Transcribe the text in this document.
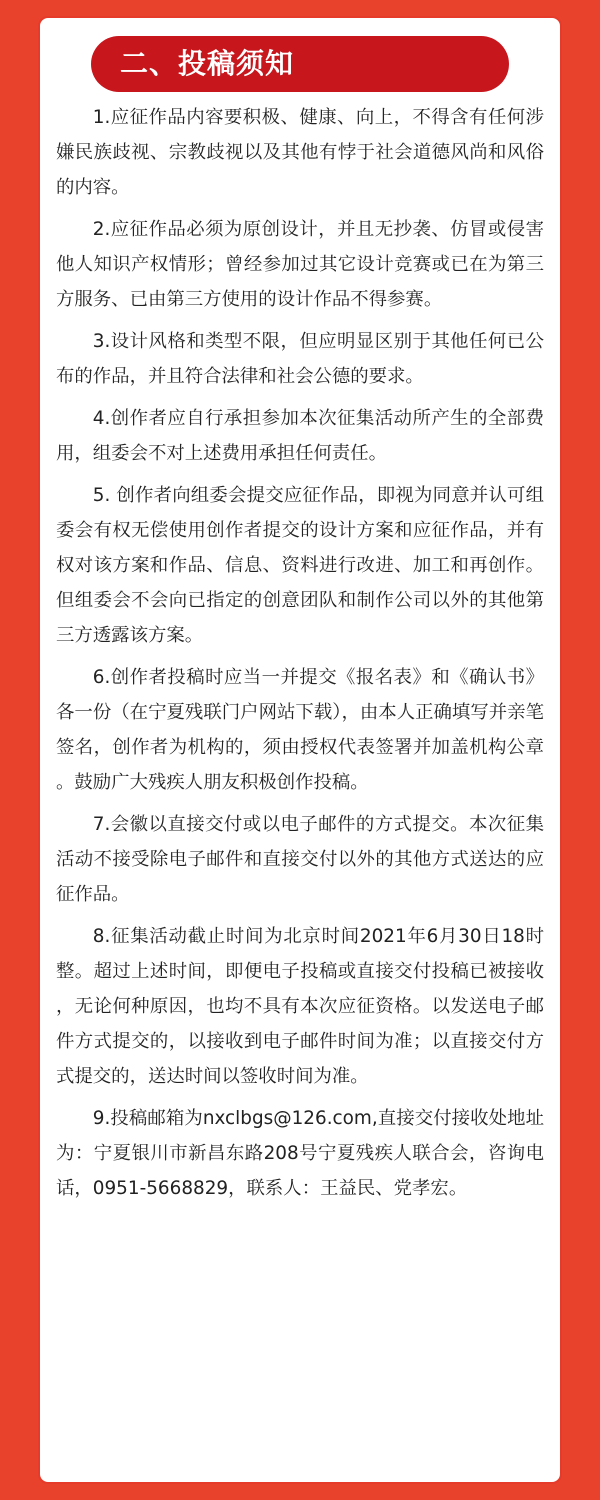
二、投稿须知

1.应征作品内容要积极、健康、向上，不得含有任何涉嫌民族歧视、宗教歧视以及其他有悖于社会道德风尚和风俗的内容。

2.应征作品必须为原创设计，并且无抄袭、仿冒或侵害他人知识产权情形；曾经参加过其它设计竞赛或已在为第三方服务、已由第三方使用的设计作品不得参赛。

3.设计风格和类型不限，但应明显区别于其他任何已公布的作品，并且符合法律和社会公德的要求。

4.创作者应自行承担参加本次征集活动所产生的全部费用，组委会不对上述费用承担任何责任。

5. 创作者向组委会提交应征作品，即视为同意并认可组委会有权无偿使用创作者提交的设计方案和应征作品，并有权对该方案和作品、信息、资料进行改进、加工和再创作。但组委会不会向已指定的创意团队和制作公司以外的其他第三方透露该方案。

6.创作者投稿时应当一并提交《报名表》和《确认书》各一份（在宁夏残联门户网站下载），由本人正确填写并亲笔签名，创作者为机构的，须由授权代表签署并加盖机构公章。鼓励广大残疾人朋友积极创作投稿。

7.会徽以直接交付或以电子邮件的方式提交。本次征集活动不接受除电子邮件和直接交付以外的其他方式送达的应征作品。

8.征集活动截止时间为北京时间2021年6月30日18时整。超过上述时间，即便电子投稿或直接交付投稿已被接收，无论何种原因，也均不具有本次应征资格。以发送电子邮件方式提交的，以接收到电子邮件时间为准；以直接交付方式提交的，送达时间以签收时间为准。

9.投稿邮箱为nxclbgs@126.com,直接交付接收处地址为：宁夏银川市新昌东路208号宁夏残疾人联合会，咨询电话，0951-5668829，联系人：王益民、党孝宏。
